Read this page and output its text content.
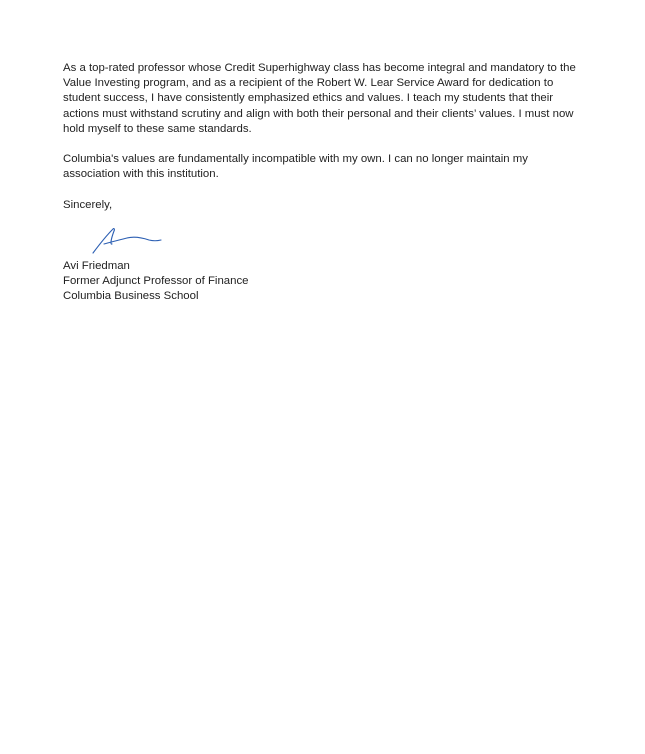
As a top-rated professor whose Credit Superhighway class has become integral and mandatory to the Value Investing program, and as a recipient of the Robert W. Lear Service Award for dedication to student success, I have consistently emphasized ethics and values. I teach my students that their actions must withstand scrutiny and align with both their personal and their clients’ values. I must now hold myself to these same standards.

Columbia's values are fundamentally incompatible with my own. I can no longer maintain my association with this institution.

Sincerely,

Avi Friedman
Former Adjunct Professor of Finance
Columbia Business School
